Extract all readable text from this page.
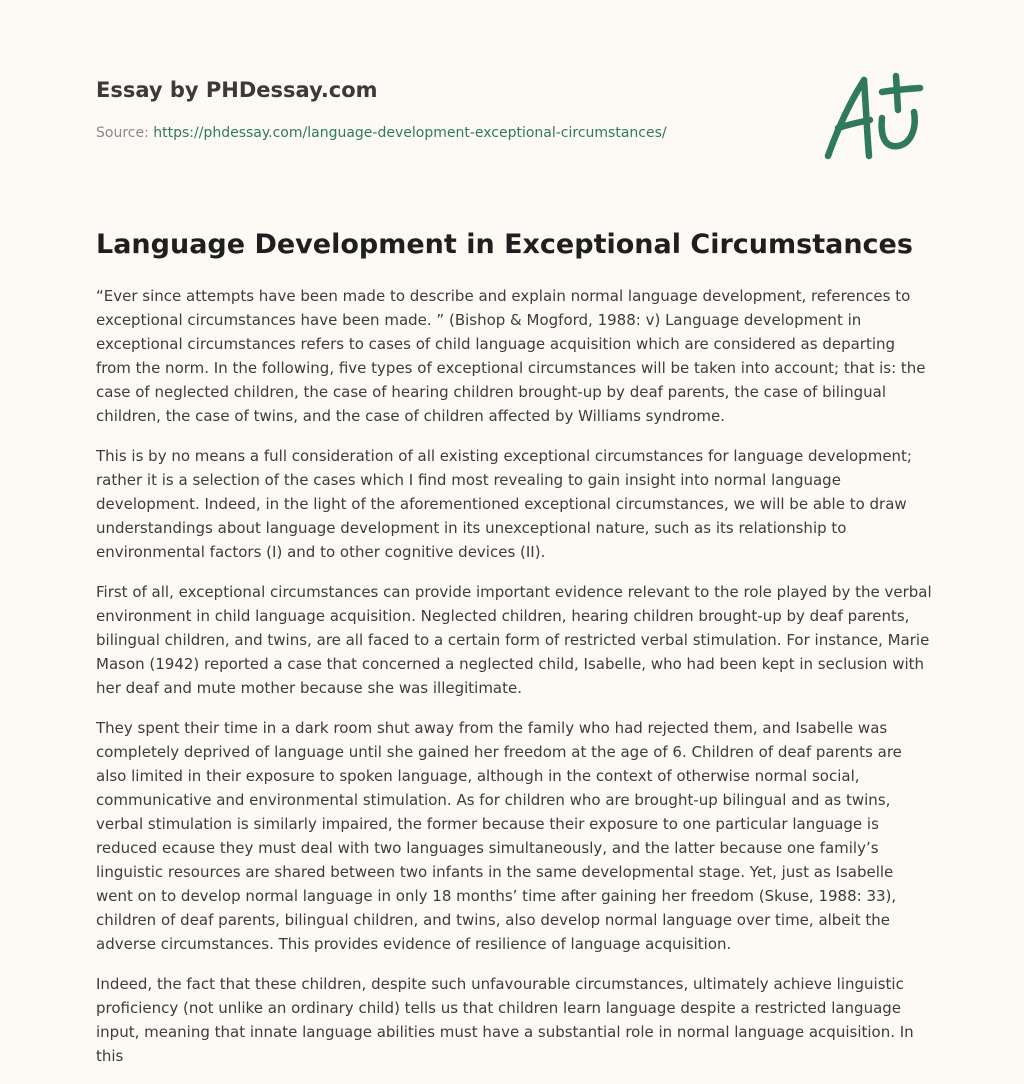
Essay by PHDessay.com
Source: https://phdessay.com/language-development-exceptional-circumstances/
Language Development in Exceptional Circumstances

“Ever since attempts have been made to describe and explain normal language development, references to exceptional circumstances have been made. ” (Bishop & Mogford, 1988: v) Language development in exceptional circumstances refers to cases of child language acquisition which are considered as departing from the norm. In the following, five types of exceptional circumstances will be taken into account; that is: the case of neglected children, the case of hearing children brought-up by deaf parents, the case of bilingual children, the case of twins, and the case of children affected by Williams syndrome.

This is by no means a full consideration of all existing exceptional circumstances for language development; rather it is a selection of the cases which I find most revealing to gain insight into normal language development. Indeed, in the light of the aforementioned exceptional circumstances, we will be able to draw understandings about language development in its unexceptional nature, such as its relationship to environmental factors (I) and to other cognitive devices (II).

First of all, exceptional circumstances can provide important evidence relevant to the role played by the verbal environment in child language acquisition. Neglected children, hearing children brought-up by deaf parents, bilingual children, and twins, are all faced to a certain form of restricted verbal stimulation. For instance, Marie Mason (1942) reported a case that concerned a neglected child, Isabelle, who had been kept in seclusion with her deaf and mute mother because she was illegitimate.

They spent their time in a dark room shut away from the family who had rejected them, and Isabelle was completely deprived of language until she gained her freedom at the age of 6. Children of deaf parents are also limited in their exposure to spoken language, although in the context of otherwise normal social, communicative and environmental stimulation. As for children who are brought-up bilingual and as twins, verbal stimulation is similarly impaired, the former because their exposure to one particular language is reduced ecause they must deal with two languages simultaneously, and the latter because one family’s linguistic resources are shared between two infants in the same developmental stage. Yet, just as Isabelle went on to develop normal language in only 18 months’ time after gaining her freedom (Skuse, 1988: 33), children of deaf parents, bilingual children, and twins, also develop normal language over time, albeit the adverse circumstances. This provides evidence of resilience of language acquisition.

Indeed, the fact that these children, despite such unfavourable circumstances, ultimately achieve linguistic proficiency (not unlike an ordinary child) tells us that children learn language despite a restricted language input, meaning that innate language abilities must have a substantial role in normal language acquisition. In this
